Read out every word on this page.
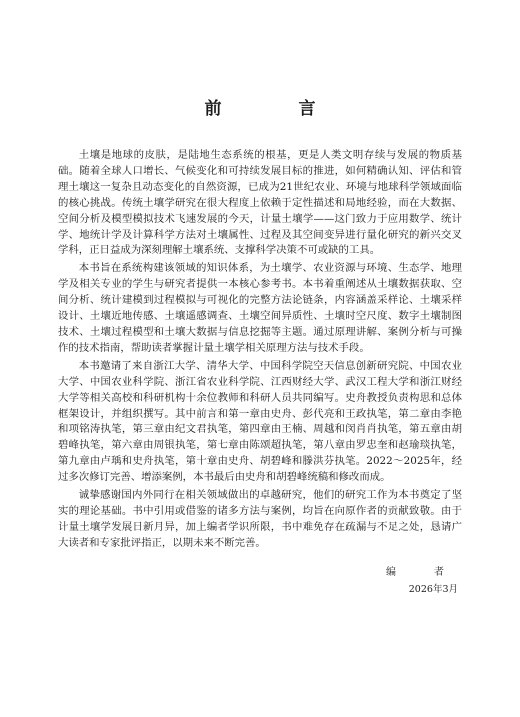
前　言

土壤是地球的皮肤，是陆地生态系统的根基，更是人类文明存续与发展的物质基础。随着全球人口增长、气候变化和可持续发展目标的推进，如何精确认知、评估和管理土壤这一复杂且动态变化的自然资源，已成为21世纪农业、环境与地球科学领域面临的核心挑战。传统土壤学研究在很大程度上依赖于定性描述和局地经验，而在大数据、空间分析及模型模拟技术飞速发展的今天，计量土壤学——这门致力于应用数学、统计学、地统计学及计算科学方法对土壤属性、过程及其空间变异进行量化研究的新兴交叉学科，正日益成为深刻理解土壤系统、支撑科学决策不可或缺的工具。

本书旨在系统构建该领域的知识体系，为土壤学、农业资源与环境、生态学、地理学及相关专业的学生与研究者提供一本核心参考书。本书着重阐述从土壤数据获取、空间分析、统计建模到过程模拟与可视化的完整方法论链条，内容涵盖采样论、土壤采样设计、土壤近地传感、土壤遥感调查、土壤空间异质性、土壤时空尺度、数字土壤制图技术、土壤过程模型和土壤大数据与信息挖掘等主题。通过原理讲解、案例分析与可操作的技术指南，帮助读者掌握计量土壤学相关原理方法与技术手段。

本书邀请了来自浙江大学、清华大学、中国科学院空天信息创新研究院、中国农业大学、中国农业科学院、浙江省农业科学院、江西财经大学、武汉工程大学和浙江财经大学等相关高校和科研机构十余位教师和科研人员共同编写。史舟教授负责构思和总体框架设计，并组织撰写。其中前言和第一章由史舟、彭代亮和王政执笔，第二章由李艳和项铭涛执笔，第三章由纪文君执笔，第四章由王楠、周越和闵肖肖执笔，第五章由胡碧峰执笔，第六章由周银执笔，第七章由陈颂超执笔，第八章由罗忠奎和赵瑜琰执笔，第九章由卢瑀和史舟执笔，第十章由史舟、胡碧峰和滕洪芬执笔。2022～2025年，经过多次修订完善、增添案例，本书最后由史舟和胡碧峰统稿和修改而成。

诚挚感谢国内外同行在相关领域做出的卓越研究，他们的研究工作为本书奠定了坚实的理论基础。书中引用或借鉴的诸多方法与案例，均旨在向原作者的贡献致敬。由于计量土壤学发展日新月异，加上编者学识所限，书中难免存在疏漏与不足之处，恳请广大读者和专家批评指正，以期未来不断完善。

编　者
2026年3月
